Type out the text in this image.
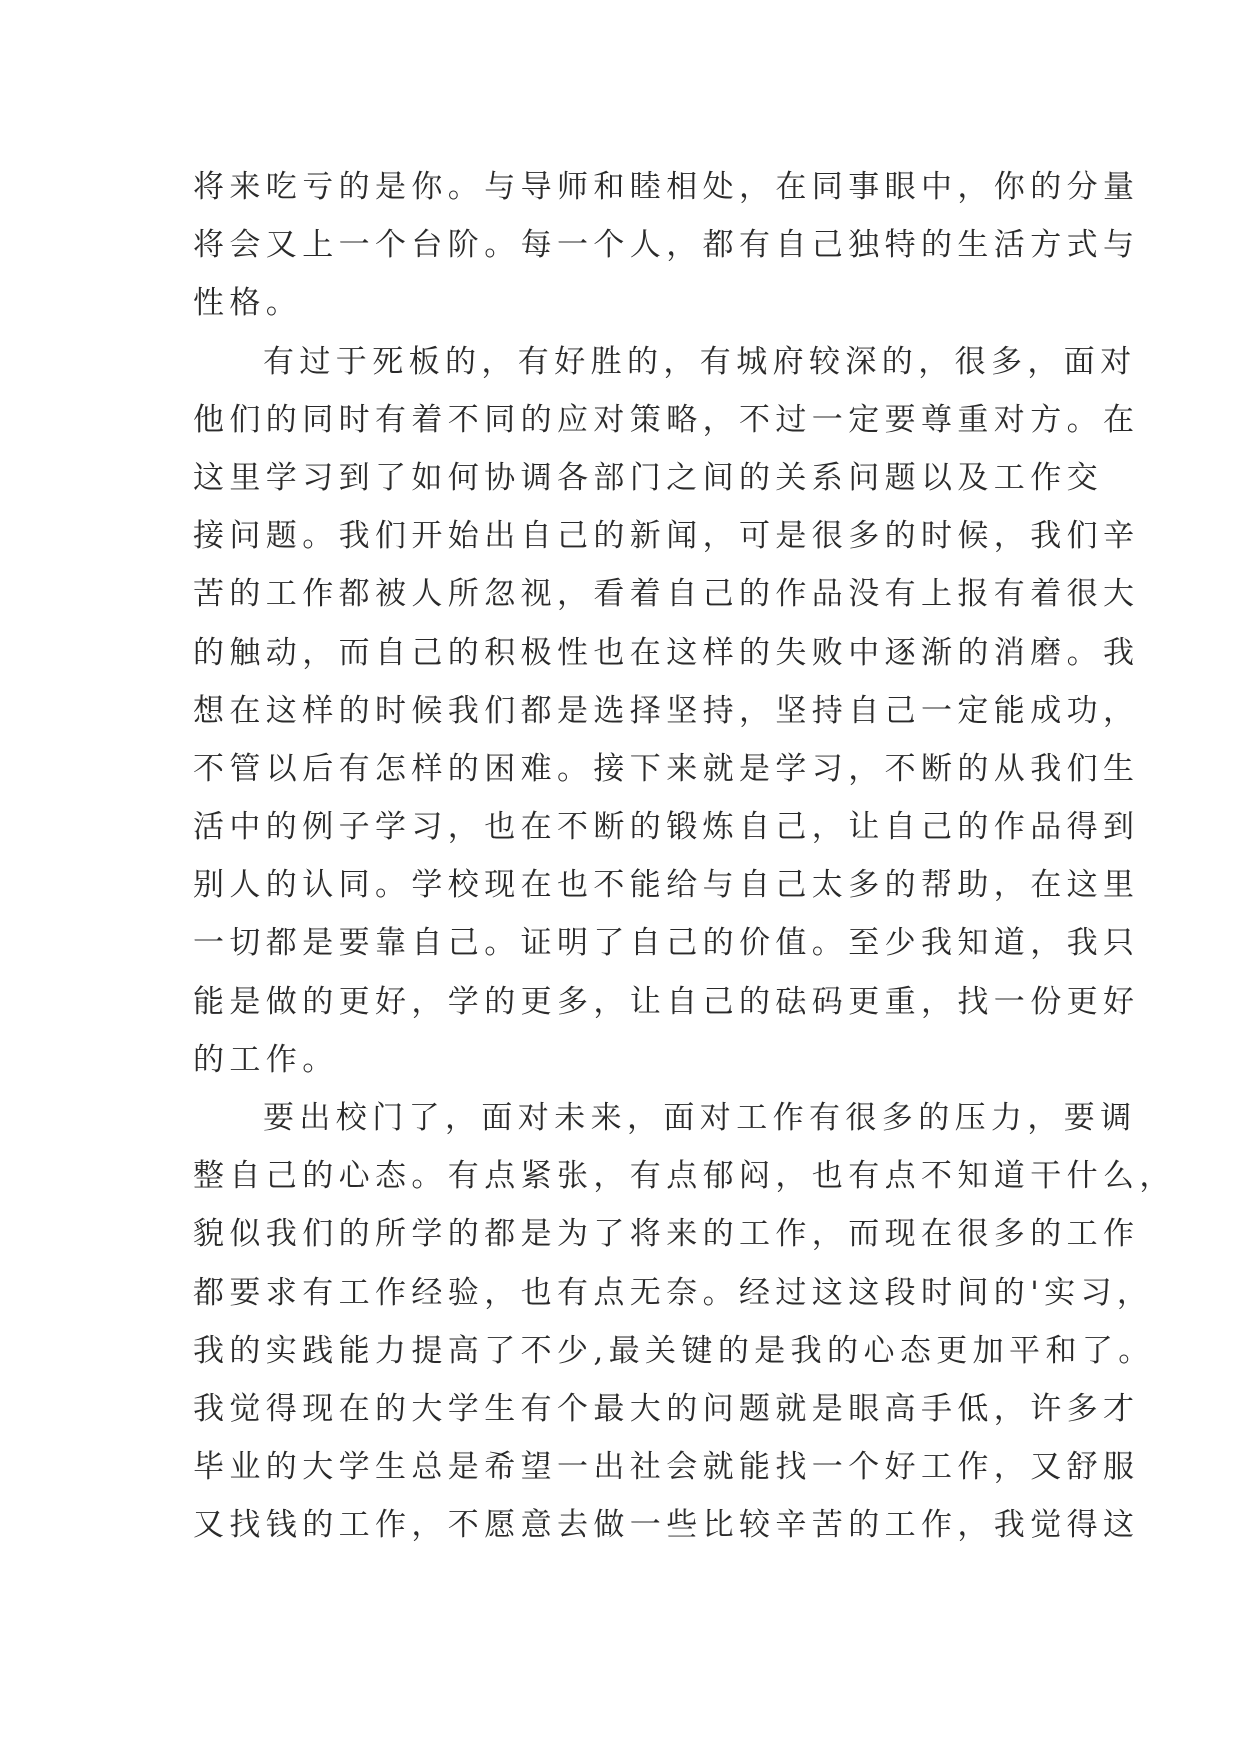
将来吃亏的是你。与导师和睦相处，在同事眼中，你的分量
将会又上一个台阶。每一个人，都有自己独特的生活方式与
性格。
有过于死板的，有好胜的，有城府较深的，很多，面对
他们的同时有着不同的应对策略，不过一定要尊重对方。在
这里学习到了如何协调各部门之间的关系问题以及工作交
接问题。我们开始出自己的新闻，可是很多的时候，我们辛
苦的工作都被人所忽视，看着自己的作品没有上报有着很大
的触动，而自己的积极性也在这样的失败中逐渐的消磨。我
想在这样的时候我们都是选择坚持，坚持自己一定能成功，
不管以后有怎样的困难。接下来就是学习，不断的从我们生
活中的例子学习，也在不断的锻炼自己，让自己的作品得到
别人的认同。学校现在也不能给与自己太多的帮助，在这里
一切都是要靠自己。证明了自己的价值。至少我知道，我只
能是做的更好，学的更多，让自己的砝码更重，找一份更好
的工作。
要出校门了，面对未来，面对工作有很多的压力，要调
整自己的心态。有点紧张，有点郁闷，也有点不知道干什么，
貌似我们的所学的都是为了将来的工作，而现在很多的工作
都要求有工作经验，也有点无奈。经过这这段时间的'实习，
我的实践能力提高了不少,最关键的是我的心态更加平和了。
我觉得现在的大学生有个最大的问题就是眼高手低，许多才
毕业的大学生总是希望一出社会就能找一个好工作，又舒服
又找钱的工作，不愿意去做一些比较辛苦的工作，我觉得这
